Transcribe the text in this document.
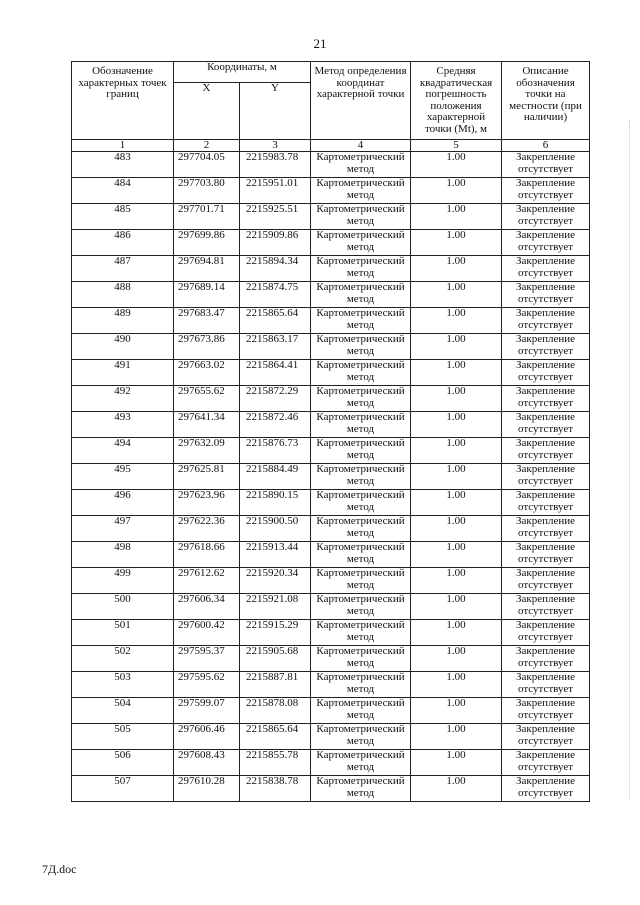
21
Обозначение характерных точек границ	Координаты, м		Метод определения координат характерной точки	Средняя квадратическая погрешность положения характерной точки (Mt), м	Описание обозначения точки на местности (при наличии)
	X	Y			
1	2	3	4	5	6
483	297704.05	2215983.78	Картометрический метод	1.00	Закрепление отсутствует
484	297703.80	2215951.01	Картометрический метод	1.00	Закрепление отсутствует
485	297701.71	2215925.51	Картометрический метод	1.00	Закрепление отсутствует
486	297699.86	2215909.86	Картометрический метод	1.00	Закрепление отсутствует
487	297694.81	2215894.34	Картометрический метод	1.00	Закрепление отсутствует
488	297689.14	2215874.75	Картометрический метод	1.00	Закрепление отсутствует
489	297683.47	2215865.64	Картометрический метод	1.00	Закрепление отсутствует
490	297673.86	2215863.17	Картометрический метод	1.00	Закрепление отсутствует
491	297663.02	2215864.41	Картометрический метод	1.00	Закрепление отсутствует
492	297655.62	2215872.29	Картометрический метод	1.00	Закрепление отсутствует
493	297641.34	2215872.46	Картометрический метод	1.00	Закрепление отсутствует
494	297632.09	2215876.73	Картометрический метод	1.00	Закрепление отсутствует
495	297625.81	2215884.49	Картометрический метод	1.00	Закрепление отсутствует
496	297623.96	2215890.15	Картометрический метод	1.00	Закрепление отсутствует
497	297622.36	2215900.50	Картометрический метод	1.00	Закрепление отсутствует
498	297618.66	2215913.44	Картометрический метод	1.00	Закрепление отсутствует
499	297612.62	2215920.34	Картометрический метод	1.00	Закрепление отсутствует
500	297606.34	2215921.08	Картометрический метод	1.00	Закрепление отсутствует
501	297600.42	2215915.29	Картометрический метод	1.00	Закрепление отсутствует
502	297595.37	2215905.68	Картометрический метод	1.00	Закрепление отсутствует
503	297595.62	2215887.81	Картометрический метод	1.00	Закрепление отсутствует
504	297599.07	2215878.08	Картометрический метод	1.00	Закрепление отсутствует
505	297606.46	2215865.64	Картометрический метод	1.00	Закрепление отсутствует
506	297608.43	2215855.78	Картометрический метод	1.00	Закрепление отсутствует
507	297610.28	2215838.78	Картометрический метод	1.00	Закрепление отсутствует
7Д.doc
